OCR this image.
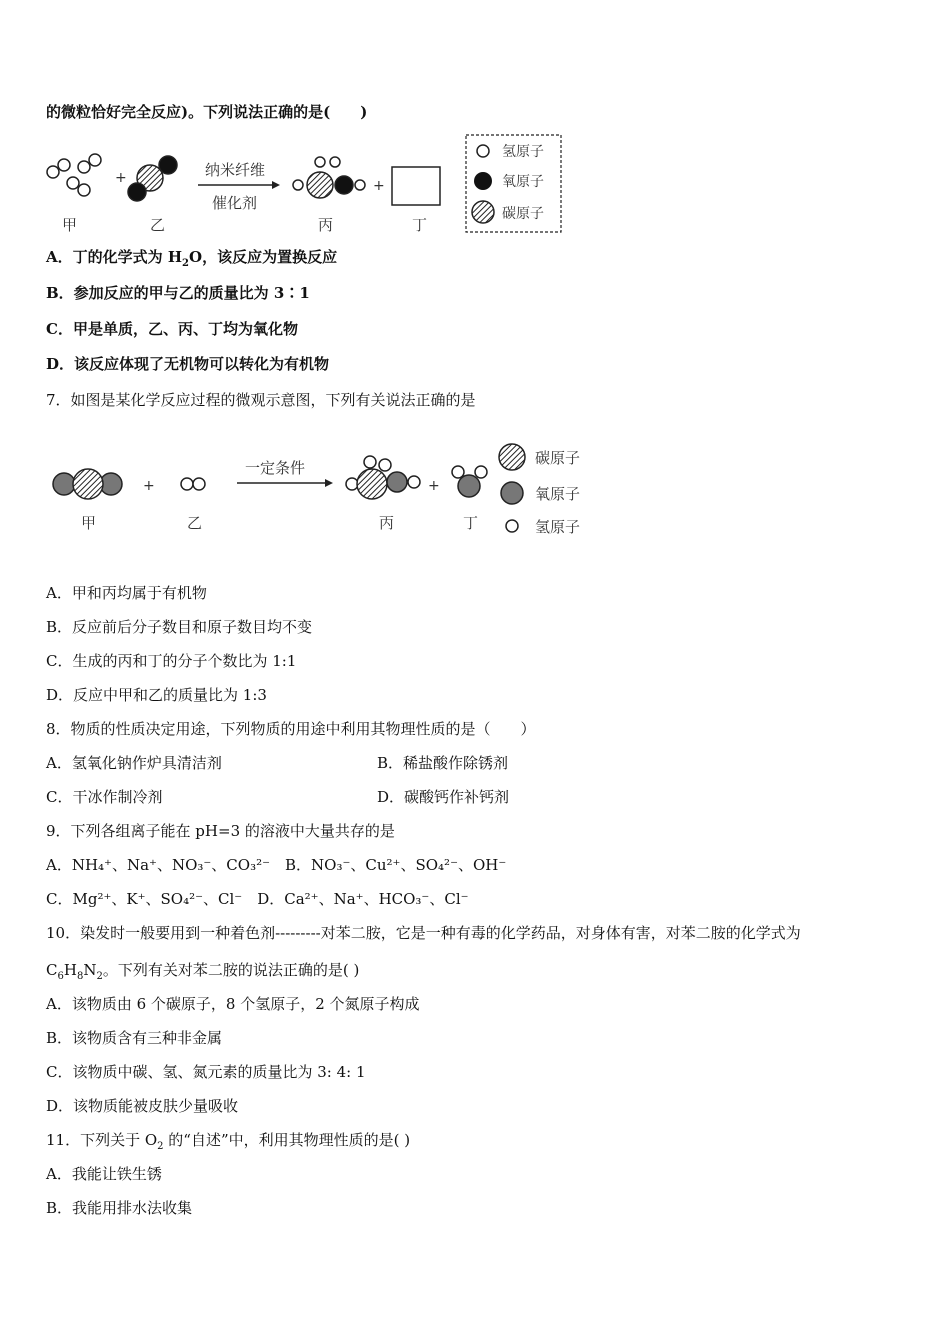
的微粒恰好完全反应)。下列说法正确的是(　　)
+	纳米纤维
催化剂
+
甲	乙	丙	丁
氢原子
氧原子
碳原子
A．丁的化学式为 $H_2O$，该反应为置换反应
B．参加反应的甲与乙的质量比为 3∶1
C．甲是单质，乙、丙、丁均为氧化物
D．该反应体现了无机物可以转化为有机物
7．如图是某化学反应过程的微观示意图，下列有关说法正确的是
+
一定条件
+
甲	乙	丙	丁
碳原子
氧原子
氢原子
A．甲和丙均属于有机物
B．反应前后分子数目和原子数目均不变
C．生成的丙和丁的分子个数比为 1:1
D．反应中甲和乙的质量比为 1:3
8．物质的性质决定用途，下列物质的用途中利用其物理性质的是（　　）
A．氢氧化钠作炉具清洁剂	B．稀盐酸作除锈剂
C．干冰作制冷剂	D．碳酸钙作补钙剂
9．下列各组离子能在 pH=3 的溶液中大量共存的是
A．NH₄⁺、Na⁺、NO₃⁻、CO₃²⁻　B．NO₃⁻、Cu²⁺、SO₄²⁻、OH⁻
C．Mg²⁺、K⁺、SO₄²⁻、Cl⁻　D．Ca²⁺、Na⁺、HCO₃⁻、Cl⁻
10．染发时一般要用到一种着色剂---------对苯二胺，它是一种有毒的化学药品，对身体有害，对苯二胺的化学式为
$C_6H_8N_2$。下列有关对苯二胺的说法正确的是( )
A．该物质由 6 个碳原子，8 个氢原子，2 个氮原子构成
B．该物质含有三种非金属
C．该物质中碳、氢、氮元素的质量比为 3: 4: 1
D．该物质能被皮肤少量吸收
11．下列关于 $O_2$ 的“自述”中，利用其物理性质的是( )
A．我能让铁生锈
B．我能用排水法收集
